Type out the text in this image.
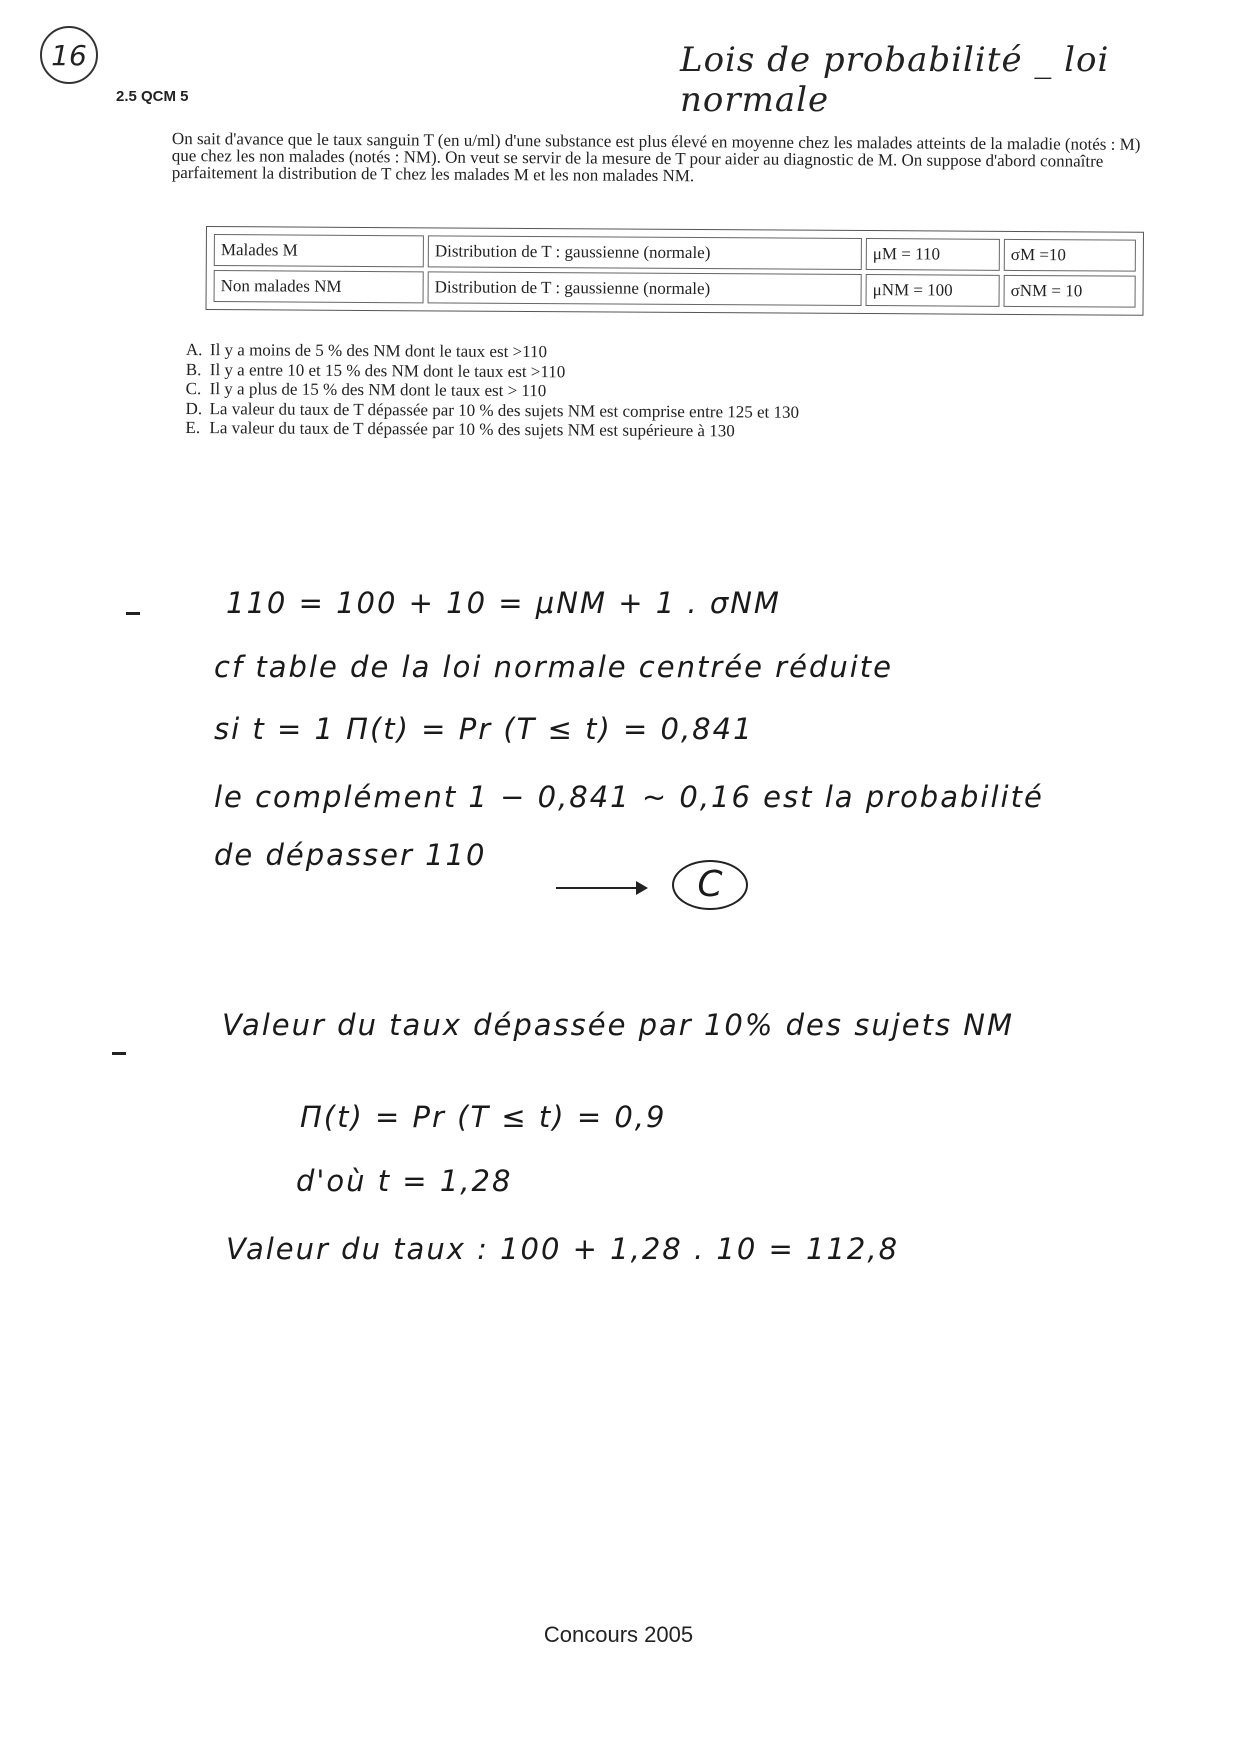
16	Lois de probabilité _ loi normale
2.5 QCM 5
On sait d'avance que le taux sanguin T (en u/ml) d'une substance est plus élevé en moyenne chez les malades atteints de la maladie (notés : M) que chez les non malades (notés : NM). On veut se servir de la mesure de T pour aider au diagnostic de M. On suppose d'abord connaître parfaitement la distribution de T chez les malades M et les non malades NM.
Malades M	Distribution de T : gaussienne (normale)	μM = 110	σM =10
Non malades NM	Distribution de T : gaussienne (normale)	μNM = 100	σNM = 10
A. Il y a moins de 5 % des NM dont le taux est >110
B. Il y a entre 10 et 15 % des NM dont le taux est >110
C. Il y a plus de 15 % des NM dont le taux est > 110
D. La valeur du taux de T dépassée par 10 % des sujets NM est comprise entre 125 et 130
E. La valeur du taux de T dépassée par 10 % des sujets NM est supérieure à 130
110 = 100 + 10 = μNM + 1 . σNM
cf table de la loi normale centrée réduite
si t = 1 Π(t) = Pr (T ≤ t) = 0,841
le complément 1 − 0,841 ~ 0,16 est la probabilité
de dépasser 110
C
Valeur du taux dépassée par 10% des sujets NM
Π(t) = Pr (T ≤ t) = 0,9
d'où t = 1,28
Valeur du taux : 100 + 1,28 . 10 = 112,8
Concours 2005
